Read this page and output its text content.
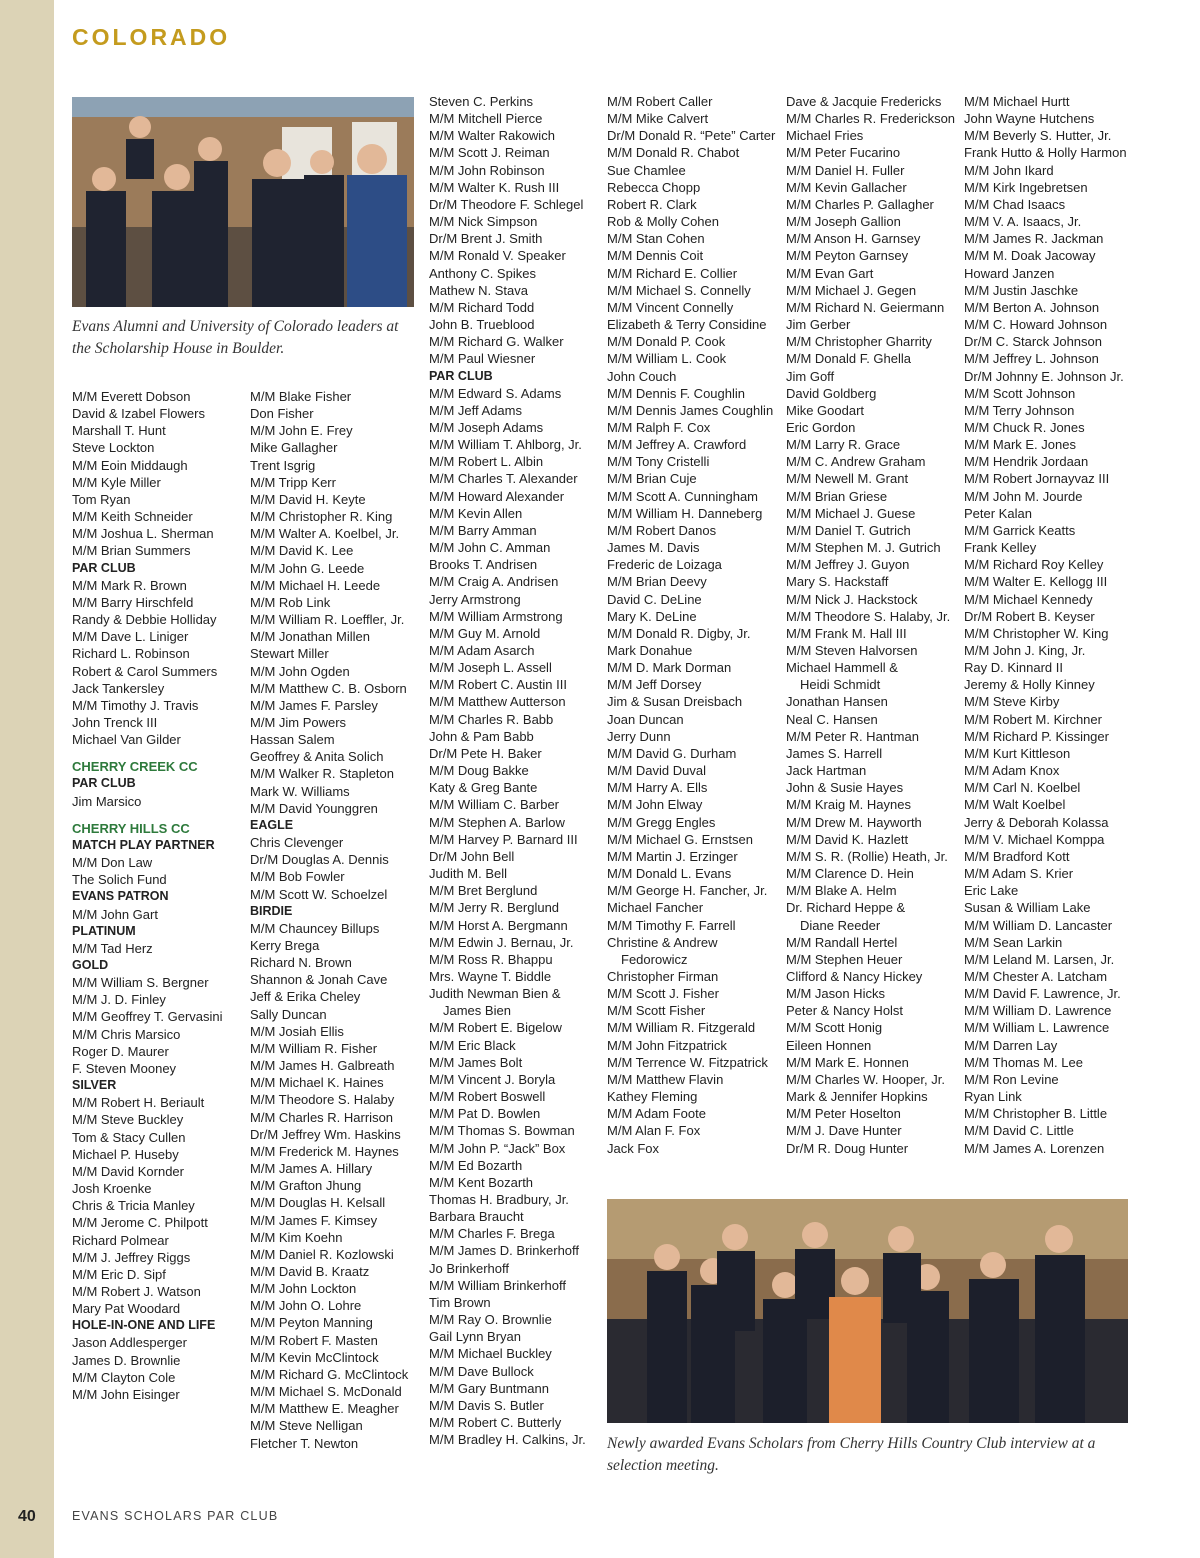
COLORADO

Evans Alumni and University of Colorado leaders at the Scholarship House in Boulder.

M/M Everett Dobson
David & Izabel Flowers
Marshall T. Hunt
Steve Lockton
M/M Eoin Middaugh
M/M Kyle Miller
Tom Ryan
M/M Keith Schneider
M/M Joshua L. Sherman
M/M Brian Summers
PAR CLUB
M/M Mark R. Brown
M/M Barry Hirschfeld
Randy & Debbie Holliday
M/M Dave L. Liniger
Richard L. Robinson
Robert & Carol Summers
Jack Tankersley
M/M Timothy J. Travis
John Trenck III
Michael Van Gilder
CHERRY CREEK CC
PAR CLUB
Jim Marsico
CHERRY HILLS CC
MATCH PLAY PARTNER
M/M Don Law
The Solich Fund
EVANS PATRON
M/M John Gart
PLATINUM
M/M Tad Herz
GOLD
M/M William S. Bergner
M/M J. D. Finley
M/M Geoffrey T. Gervasini
M/M Chris Marsico
Roger D. Maurer
F. Steven Mooney
SILVER
M/M Robert H. Beriault
M/M Steve Buckley
Tom & Stacy Cullen
Michael P. Huseby
M/M David Kornder
Josh Kroenke
Chris & Tricia Manley
M/M Jerome C. Philpott
Richard Polmear
M/M J. Jeffrey Riggs
M/M Eric D. Sipf
M/M Robert J. Watson
Mary Pat Woodard
HOLE-IN-ONE AND LIFE
Jason Addlesperger
James D. Brownlie
M/M Clayton Cole
M/M John Eisinger
M/M Blake Fisher
Don Fisher
M/M John E. Frey
Mike Gallagher
Trent Isgrig
M/M Tripp Kerr
M/M David H. Keyte
M/M Christopher R. King
M/M Walter A. Koelbel, Jr.
M/M David K. Lee
M/M John G. Leede
M/M Michael H. Leede
M/M Rob Link
M/M William R. Loeffler, Jr.
M/M Jonathan Millen
Stewart Miller
M/M John Ogden
M/M Matthew C. B. Osborn
M/M James F. Parsley
M/M Jim Powers
Hassan Salem
Geoffrey & Anita Solich
M/M Walker R. Stapleton
Mark W. Williams
M/M David Younggren
EAGLE
Chris Clevenger
Dr/M Douglas A. Dennis
M/M Bob Fowler
M/M Scott W. Schoelzel
BIRDIE
M/M Chauncey Billups
Kerry Brega
Richard N. Brown
Shannon & Jonah Cave
Jeff & Erika Cheley
Sally Duncan
M/M Josiah Ellis
M/M William R. Fisher
M/M James H. Galbreath
M/M Michael K. Haines
M/M Theodore S. Halaby
M/M Charles R. Harrison
Dr/M Jeffrey Wm. Haskins
M/M Frederick M. Haynes
M/M James A. Hillary
M/M Grafton Jhung
M/M Douglas H. Kelsall
M/M James F. Kimsey
M/M Kim Koehn
M/M Daniel R. Kozlowski
M/M David B. Kraatz
M/M John Lockton
M/M John O. Lohre
M/M Peyton Manning
M/M Robert F. Masten
M/M Kevin McClintock
M/M Richard G. McClintock
M/M Michael S. McDonald
M/M Matthew E. Meagher
M/M Steve Nelligan
Fletcher T. Newton
Steven C. Perkins
M/M Mitchell Pierce
M/M Walter Rakowich
M/M Scott J. Reiman
M/M John Robinson
M/M Walter K. Rush III
Dr/M Theodore F. Schlegel
M/M Nick Simpson
Dr/M Brent J. Smith
M/M Ronald V. Speaker
Anthony C. Spikes
Mathew N. Stava
M/M Richard Todd
John B. Trueblood
M/M Richard G. Walker
M/M Paul Wiesner
PAR CLUB
M/M Edward S. Adams
M/M Jeff Adams
M/M Joseph Adams
M/M William T. Ahlborg, Jr.
M/M Robert L. Albin
M/M Charles T. Alexander
M/M Howard Alexander
M/M Kevin Allen
M/M Barry Amman
M/M John C. Amman
Brooks T. Andrisen
M/M Craig A. Andrisen
Jerry Armstrong
M/M William Armstrong
M/M Guy M. Arnold
M/M Adam Asarch
M/M Joseph L. Assell
M/M Robert C. Austin III
M/M Matthew Autterson
M/M Charles R. Babb
John & Pam Babb
Dr/M Pete H. Baker
M/M Doug Bakke
Katy & Greg Bante
M/M William C. Barber
M/M Stephen A. Barlow
M/M Harvey P. Barnard III
Dr/M John Bell
Judith M. Bell
M/M Bret Berglund
M/M Jerry R. Berglund
M/M Horst A. Bergmann
M/M Edwin J. Bernau, Jr.
M/M Ross R. Bhappu
Mrs. Wayne T. Biddle
Judith Newman Bien &
James Bien
M/M Robert E. Bigelow
M/M Eric Black
M/M James Bolt
M/M Vincent J. Boryla
M/M Robert Boswell
M/M Pat D. Bowlen
M/M Thomas S. Bowman
M/M John P. “Jack” Box
M/M Ed Bozarth
M/M Kent Bozarth
Thomas H. Bradbury, Jr.
Barbara Braucht
M/M Charles F. Brega
M/M James D. Brinkerhoff
Jo Brinkerhoff
M/M William Brinkerhoff
Tim Brown
M/M Ray O. Brownlie
Gail Lynn Bryan
M/M Michael Buckley
M/M Dave Bullock
M/M Gary Buntmann
M/M Davis S. Butler
M/M Robert C. Butterly
M/M Bradley H. Calkins, Jr.
M/M Robert Caller
M/M Mike Calvert
Dr/M Donald R. “Pete” Carter
M/M Donald R. Chabot
Sue Chamlee
Rebecca Chopp
Robert R. Clark
Rob & Molly Cohen
M/M Stan Cohen
M/M Dennis Coit
M/M Richard E. Collier
M/M Michael S. Connelly
M/M Vincent Connelly
Elizabeth & Terry Considine
M/M Donald P. Cook
M/M William L. Cook
John Couch
M/M Dennis F. Coughlin
M/M Dennis James Coughlin
M/M Ralph F. Cox
M/M Jeffrey A. Crawford
M/M Tony Cristelli
M/M Brian Cuje
M/M Scott A. Cunningham
M/M William H. Danneberg
M/M Robert Danos
James M. Davis
Frederic de Loizaga
M/M Brian Deevy
David C. DeLine
Mary K. DeLine
M/M Donald R. Digby, Jr.
Mark Donahue
M/M D. Mark Dorman
M/M Jeff Dorsey
Jim & Susan Dreisbach
Joan Duncan
Jerry Dunn
M/M David G. Durham
M/M David Duval
M/M Harry A. Ells
M/M John Elway
M/M Gregg Engles
M/M Michael G. Ernstsen
M/M Martin J. Erzinger
M/M Donald L. Evans
M/M George H. Fancher, Jr.
Michael Fancher
M/M Timothy F. Farrell
Christine & Andrew
Fedorowicz
Christopher Firman
M/M Scott J. Fisher
M/M Scott Fisher
M/M William R. Fitzgerald
M/M John Fitzpatrick
M/M Terrence W. Fitzpatrick
M/M Matthew Flavin
Kathey Fleming
M/M Adam Foote
M/M Alan F. Fox
Jack Fox
Dave & Jacquie Fredericks
M/M Charles R. Frederickson
Michael Fries
M/M Peter Fucarino
M/M Daniel H. Fuller
M/M Kevin Gallacher
M/M Charles P. Gallagher
M/M Joseph Gallion
M/M Anson H. Garnsey
M/M Peyton Garnsey
M/M Evan Gart
M/M Michael J. Gegen
M/M Richard N. Geiermann
Jim Gerber
M/M Christopher Gharrity
M/M Donald F. Ghella
Jim Goff
David Goldberg
Mike Goodart
Eric Gordon
M/M Larry R. Grace
M/M C. Andrew Graham
M/M Newell M. Grant
M/M Brian Griese
M/M Michael J. Guese
M/M Daniel T. Gutrich
M/M Stephen M. J. Gutrich
M/M Jeffrey J. Guyon
Mary S. Hackstaff
M/M Nick J. Hackstock
M/M Theodore S. Halaby, Jr.
M/M Frank M. Hall III
M/M Steven Halvorsen
Michael Hammell &
Heidi Schmidt
Jonathan Hansen
Neal C. Hansen
M/M Peter R. Hantman
James S. Harrell
Jack Hartman
John & Susie Hayes
M/M Kraig M. Haynes
M/M Drew M. Hayworth
M/M David K. Hazlett
M/M S. R. (Rollie) Heath, Jr.
M/M Clarence D. Hein
M/M Blake A. Helm
Dr. Richard Heppe &
Diane Reeder
M/M Randall Hertel
M/M Stephen Heuer
Clifford & Nancy Hickey
M/M Jason Hicks
Peter & Nancy Holst
M/M Scott Honig
Eileen Honnen
M/M Mark E. Honnen
M/M Charles W. Hooper, Jr.
Mark & Jennifer Hopkins
M/M Peter Hoselton
M/M J. Dave Hunter
Dr/M R. Doug Hunter
M/M Michael Hurtt
John Wayne Hutchens
M/M Beverly S. Hutter, Jr.
Frank Hutto & Holly Harmon
M/M John Ikard
M/M Kirk Ingebretsen
M/M Chad Isaacs
M/M V. A. Isaacs, Jr.
M/M James R. Jackman
M/M M. Doak Jacoway
Howard Janzen
M/M Justin Jaschke
M/M Berton A. Johnson
M/M C. Howard Johnson
Dr/M C. Starck Johnson
M/M Jeffrey L. Johnson
Dr/M Johnny E. Johnson Jr.
M/M Scott Johnson
M/M Terry Johnson
M/M Chuck R. Jones
M/M Mark E. Jones
M/M Hendrik Jordaan
M/M Robert Jornayvaz III
M/M John M. Jourde
Peter Kalan
M/M Garrick Keatts
Frank Kelley
M/M Richard Roy Kelley
M/M Walter E. Kellogg III
M/M Michael Kennedy
Dr/M Robert B. Keyser
M/M Christopher W. King
M/M John J. King, Jr.
Ray D. Kinnard II
Jeremy & Holly Kinney
M/M Steve Kirby
M/M Robert M. Kirchner
M/M Richard P. Kissinger
M/M Kurt Kittleson
M/M Adam Knox
M/M Carl N. Koelbel
M/M Walt Koelbel
Jerry & Deborah Kolassa
M/M V. Michael Komppa
M/M Bradford Kott
M/M Adam S. Krier
Eric Lake
Susan & William Lake
M/M William D. Lancaster
M/M Sean Larkin
M/M Leland M. Larsen, Jr.
M/M Chester A. Latcham
M/M David F. Lawrence, Jr.
M/M William D. Lawrence
M/M William L. Lawrence
M/M Darren Lay
M/M Thomas M. Lee
M/M Ron Levine
Ryan Link
M/M Christopher B. Little
M/M David C. Little
M/M James A. Lorenzen

Newly awarded Evans Scholars from Cherry Hills Country Club interview at a selection meeting.

40	EVANS SCHOLARS PAR CLUB
